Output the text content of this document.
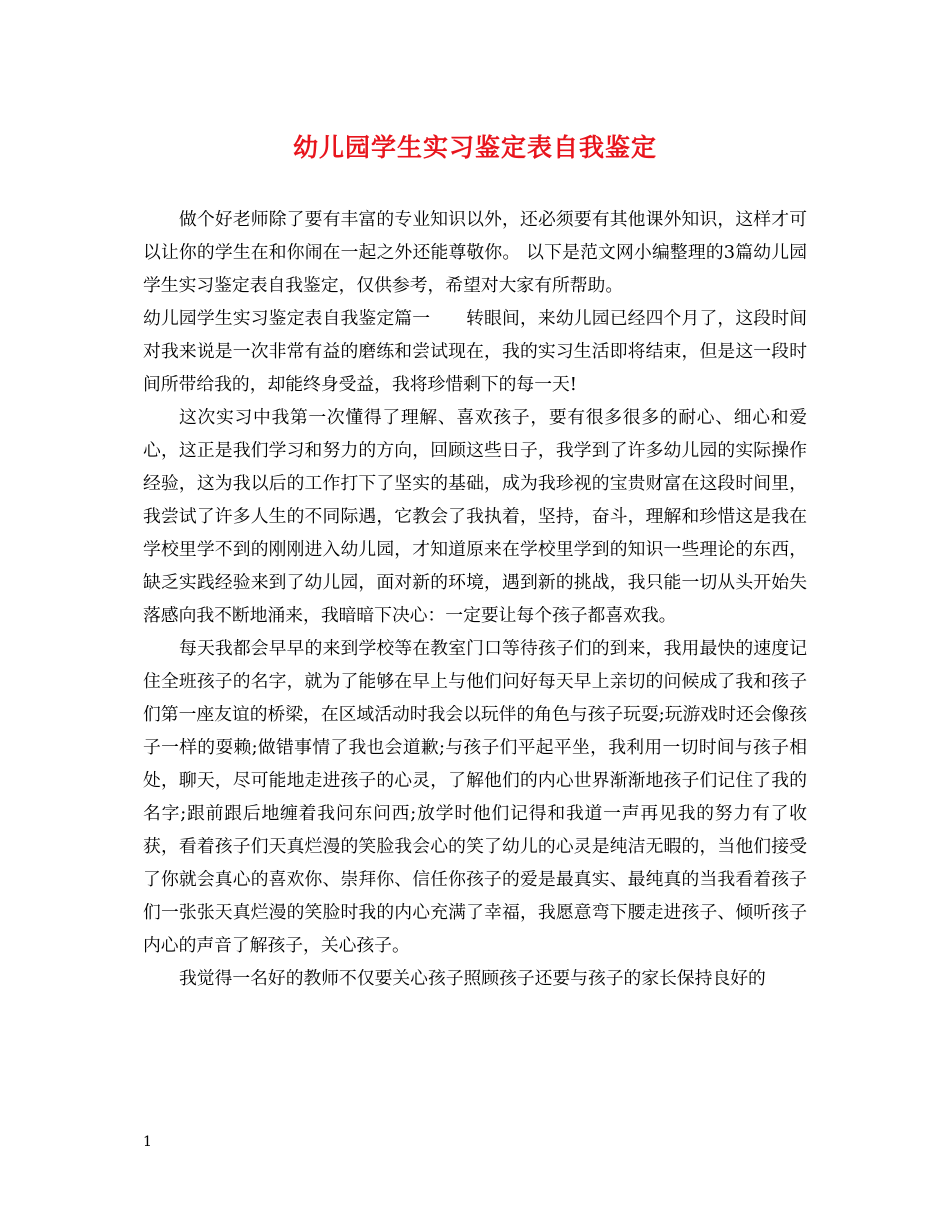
幼儿园学生实习鉴定表自我鉴定

做个好老师除了要有丰富的专业知识以外，还必须要有其他课外知识，这样才可以让你的学生在和你闹在一起之外还能尊敬你。 以下是范文网小编整理的3篇幼儿园学生实习鉴定表自我鉴定，仅供参考，希望对大家有所帮助。

幼儿园学生实习鉴定表自我鉴定篇一　　转眼间，来幼儿园已经四个月了，这段时间对我来说是一次非常有益的磨练和尝试现在，我的实习生活即将结束，但是这一段时间所带给我的，却能终身受益，我将珍惜剩下的每一天!

这次实习中我第一次懂得了理解、喜欢孩子，要有很多很多的耐心、细心和爱心，这正是我们学习和努力的方向，回顾这些日子，我学到了许多幼儿园的实际操作经验，这为我以后的工作打下了坚实的基础，成为我珍视的宝贵财富在这段时间里，我尝试了许多人生的不同际遇，它教会了我执着，坚持，奋斗，理解和珍惜这是我在学校里学不到的刚刚进入幼儿园，才知道原来在学校里学到的知识一些理论的东西，缺乏实践经验来到了幼儿园，面对新的环境，遇到新的挑战，我只能一切从头开始失落感向我不断地涌来，我暗暗下决心：一定要让每个孩子都喜欢我。

每天我都会早早的来到学校等在教室门口等待孩子们的到来，我用最快的速度记住全班孩子的名字，就为了能够在早上与他们问好每天早上亲切的问候成了我和孩子们第一座友谊的桥梁，在区域活动时我会以玩伴的角色与孩子玩耍;玩游戏时还会像孩子一样的耍赖;做错事情了我也会道歉;与孩子们平起平坐，我利用一切时间与孩子相处，聊天，尽可能地走进孩子的心灵，了解他们的内心世界渐渐地孩子们记住了我的名字;跟前跟后地缠着我问东问西;放学时他们记得和我道一声再见我的努力有了收获，看着孩子们天真烂漫的笑脸我会心的笑了幼儿的心灵是纯洁无暇的，当他们接受了你就会真心的喜欢你、崇拜你、信任你孩子的爱是最真实、最纯真的当我看着孩子们一张张天真烂漫的笑脸时我的内心充满了幸福，我愿意弯下腰走进孩子、倾听孩子内心的声音了解孩子，关心孩子。

我觉得一名好的教师不仅要关心孩子照顾孩子还要与孩子的家长保持良好的

1
